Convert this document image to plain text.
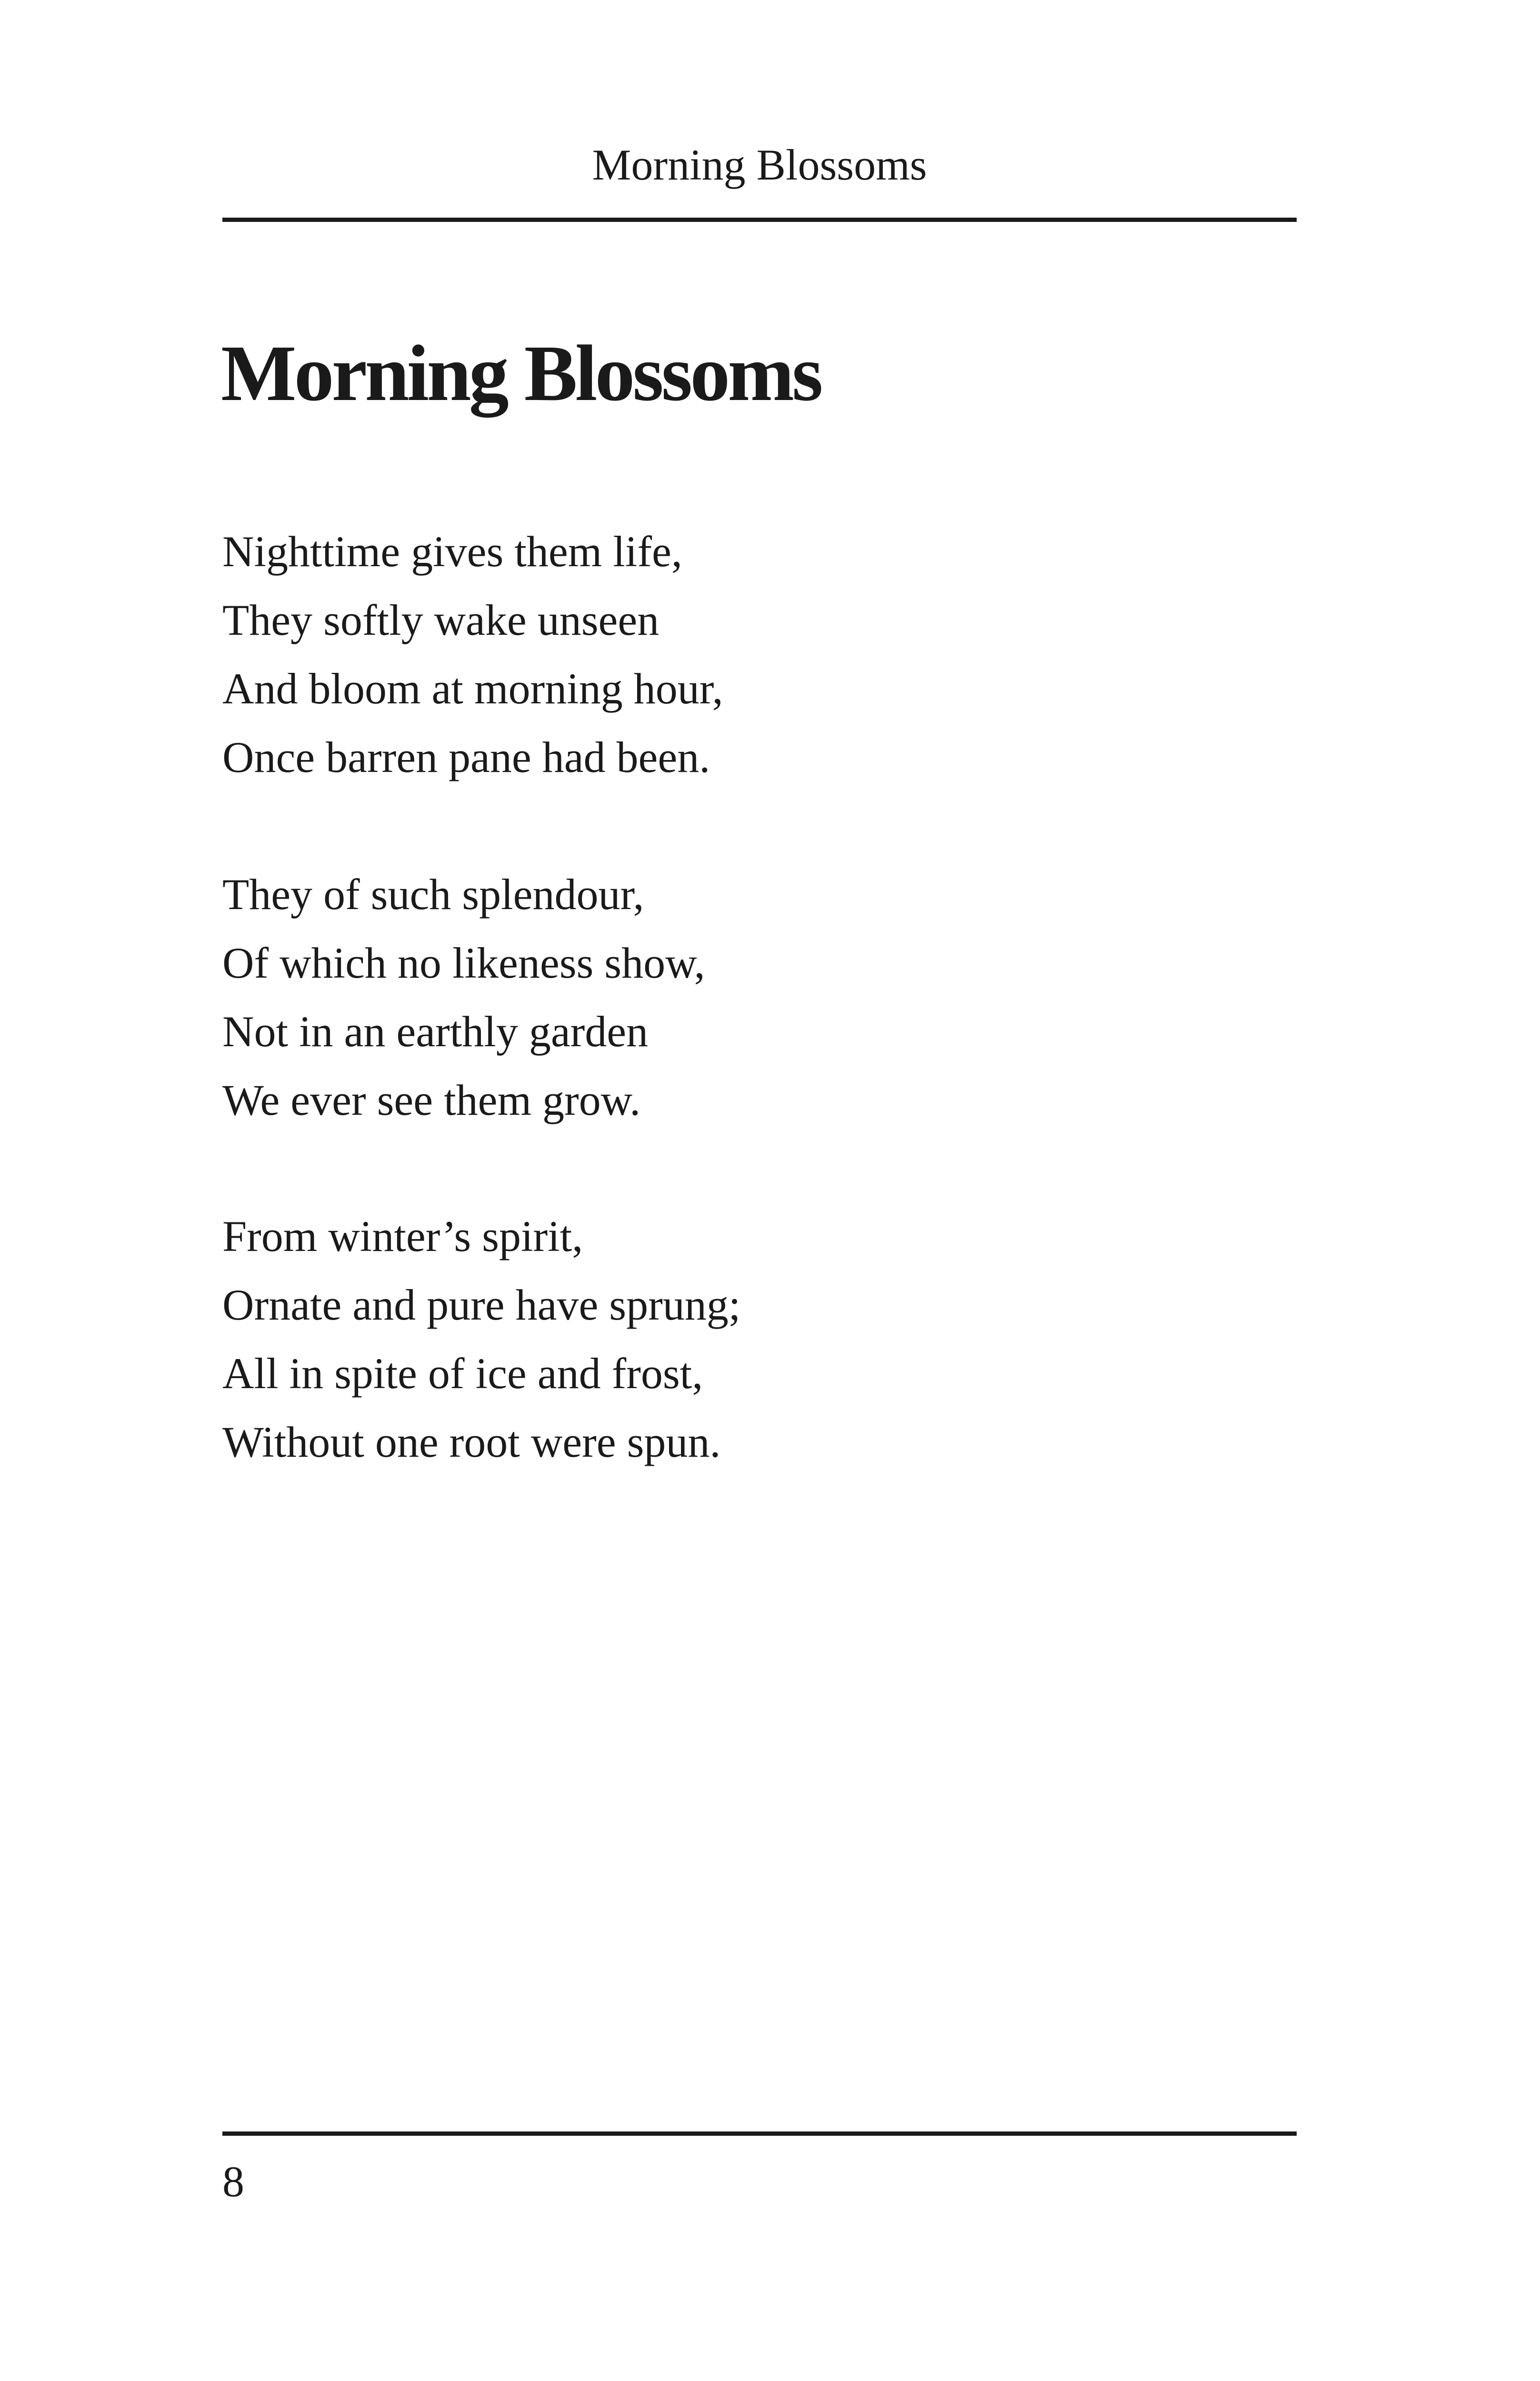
Morning Blossoms
Morning Blossoms
Nighttime gives them life,
They softly wake unseen
And bloom at morning hour,
Once barren pane had been.
They of such splendour,
Of which no likeness show,
Not in an earthly garden
We ever see them grow.
From winter’s spirit,
Ornate and pure have sprung;
All in spite of ice and frost,
Without one root were spun.
8
